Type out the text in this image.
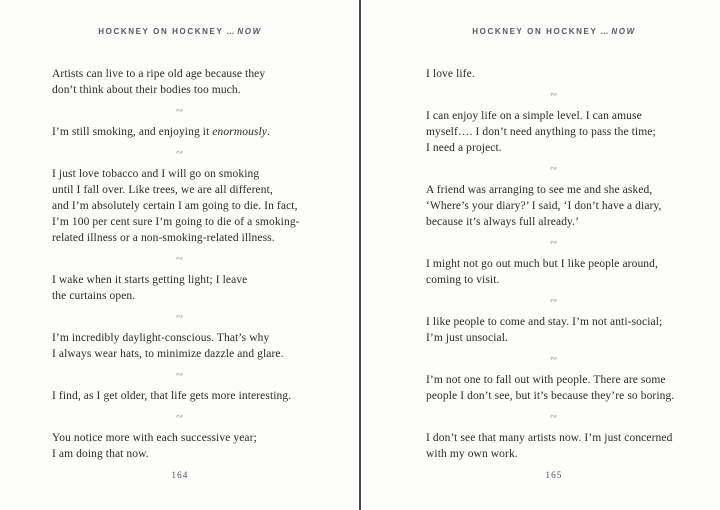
HOCKNEY ON HOCKNEY … NOW

Artists can live to a ripe old age because they
don’t think about their bodies too much.

∾

I’m still smoking, and enjoying it enormously.

∾

I just love tobacco and I will go on smoking
until I fall over. Like trees, we are all different,
and I’m absolutely certain I am going to die. In fact,
I’m 100 per cent sure I’m going to die of a smoking-
related illness or a non-smoking-related illness.

∾

I wake when it starts getting light; I leave
the curtains open.

∾

I’m incredibly daylight-conscious. That’s why
I always wear hats, to minimize dazzle and glare.

∾

I find, as I get older, that life gets more interesting.

∾

You notice more with each successive year;
I am doing that now.

164
HOCKNEY ON HOCKNEY … NOW

I love life.

∾

I can enjoy life on a simple level. I can amuse
myself…. I don’t need anything to pass the time;
I need a project.

∾

A friend was arranging to see me and she asked,
‘Where’s your diary?’ I said, ‘I don’t have a diary,
because it’s always full already.’

∾

I might not go out much but I like people around,
coming to visit.

∾

I like people to come and stay. I’m not anti-social;
I’m just unsocial.

∾

I’m not one to fall out with people. There are some
people I don’t see, but it’s because they’re so boring.

∾

I don’t see that many artists now. I’m just concerned
with my own work.

165
